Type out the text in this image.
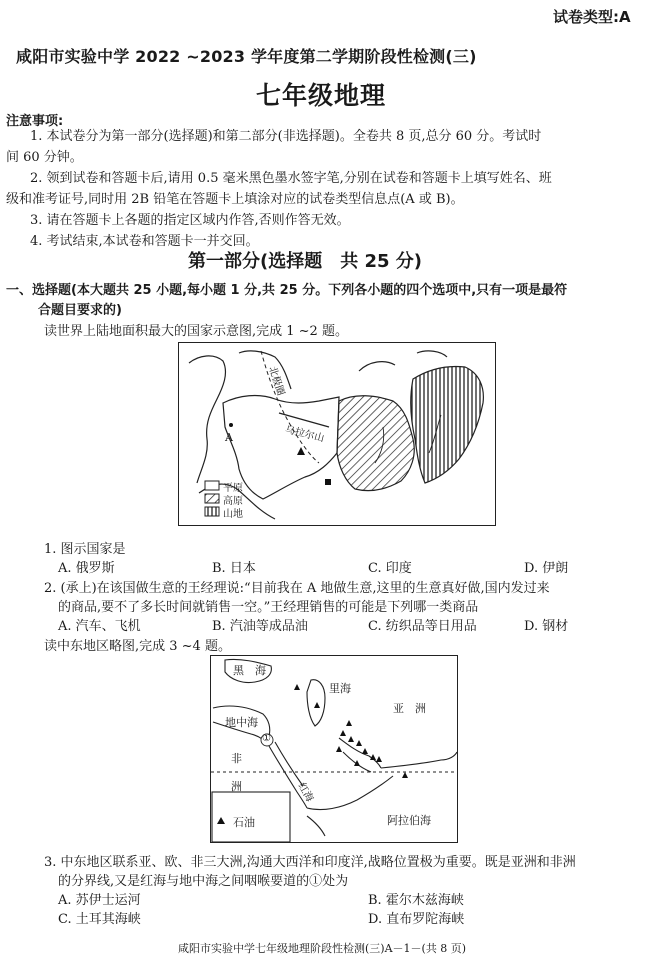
试卷类型:A
咸阳市实验中学 2022 ~2023 学年度第二学期阶段性检测(三)
七年级地理
注意事项:
1. 本试卷分为第一部分(选择题)和第二部分(非选择题)。全卷共 8 页,总分 60 分。考试时
间 60 分钟。
2. 领到试卷和答题卡后,请用 0.5 毫米黑色墨水签字笔,分别在试卷和答题卡上填写姓名、班
级和准考证号,同时用 2B 铅笔在答题卡上填涂对应的试卷类型信息点(A 或 B)。
3. 请在答题卡上各题的指定区域内作答,否则作答无效。
4. 考试结束,本试卷和答题卡一并交回。
第一部分(选择题　共 25 分)
一、选择题(本大题共 25 小题,每小题 1 分,共 25 分。下列各小题的四个选项中,只有一项是最符
合题目要求的)
读世界上陆地面积最大的国家示意图,完成 1 ~2 题。
北极圈
乌拉尔山
A
平原
高原
山地
1. 图示国家是
A. 俄罗斯	B. 日本	C. 印度	D. 伊朗
2. (承上)在该国做生意的王经理说:“目前我在 A 地做生意,这里的生意真好做,国内发过来
的商品,要不了多长时间就销售一空。”王经理销售的可能是下列哪一类商品
A. 汽车、飞机	B. 汽油等成品油	C. 纺织品等日用品	D. 钢材
读中东地区略图,完成 3 ~4 题。
黑　海
里海
地中海
亚　洲
非
洲	红海
阿拉伯海
①
石油
3. 中东地区联系亚、欧、非三大洲,沟通大西洋和印度洋,战略位置极为重要。既是亚洲和非洲
的分界线,又是红海与地中海之间咽喉要道的①处为
A. 苏伊士运河	B. 霍尔木兹海峡
C. 土耳其海峡	D. 直布罗陀海峡
咸阳市实验中学七年级地理阶段性检测(三)A－1－(共 8 页)
